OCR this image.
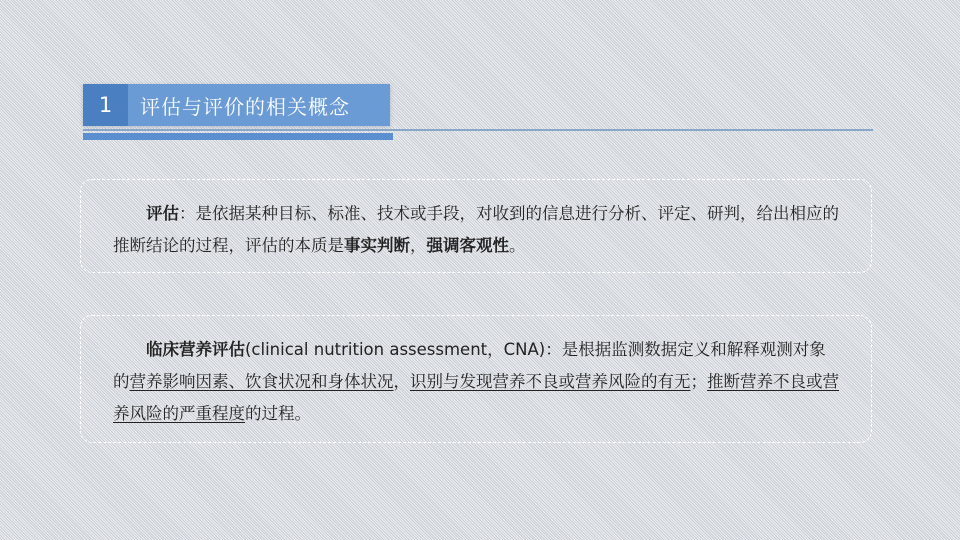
1	评估与评价的相关概念

评估：是依据某种目标、标准、技术或手段，对收到的信息进行分析、评定、研判，给出相应的推断结论的过程，评估的本质是事实判断，强调客观性。

临床营养评估(clinical nutrition assessment，CNA)：是根据监测数据定义和解释观测对象的营养影响因素、饮食状况和身体状况，识别与发现营养不良或营养风险的有无；推断营养不良或营养风险的严重程度的过程。
